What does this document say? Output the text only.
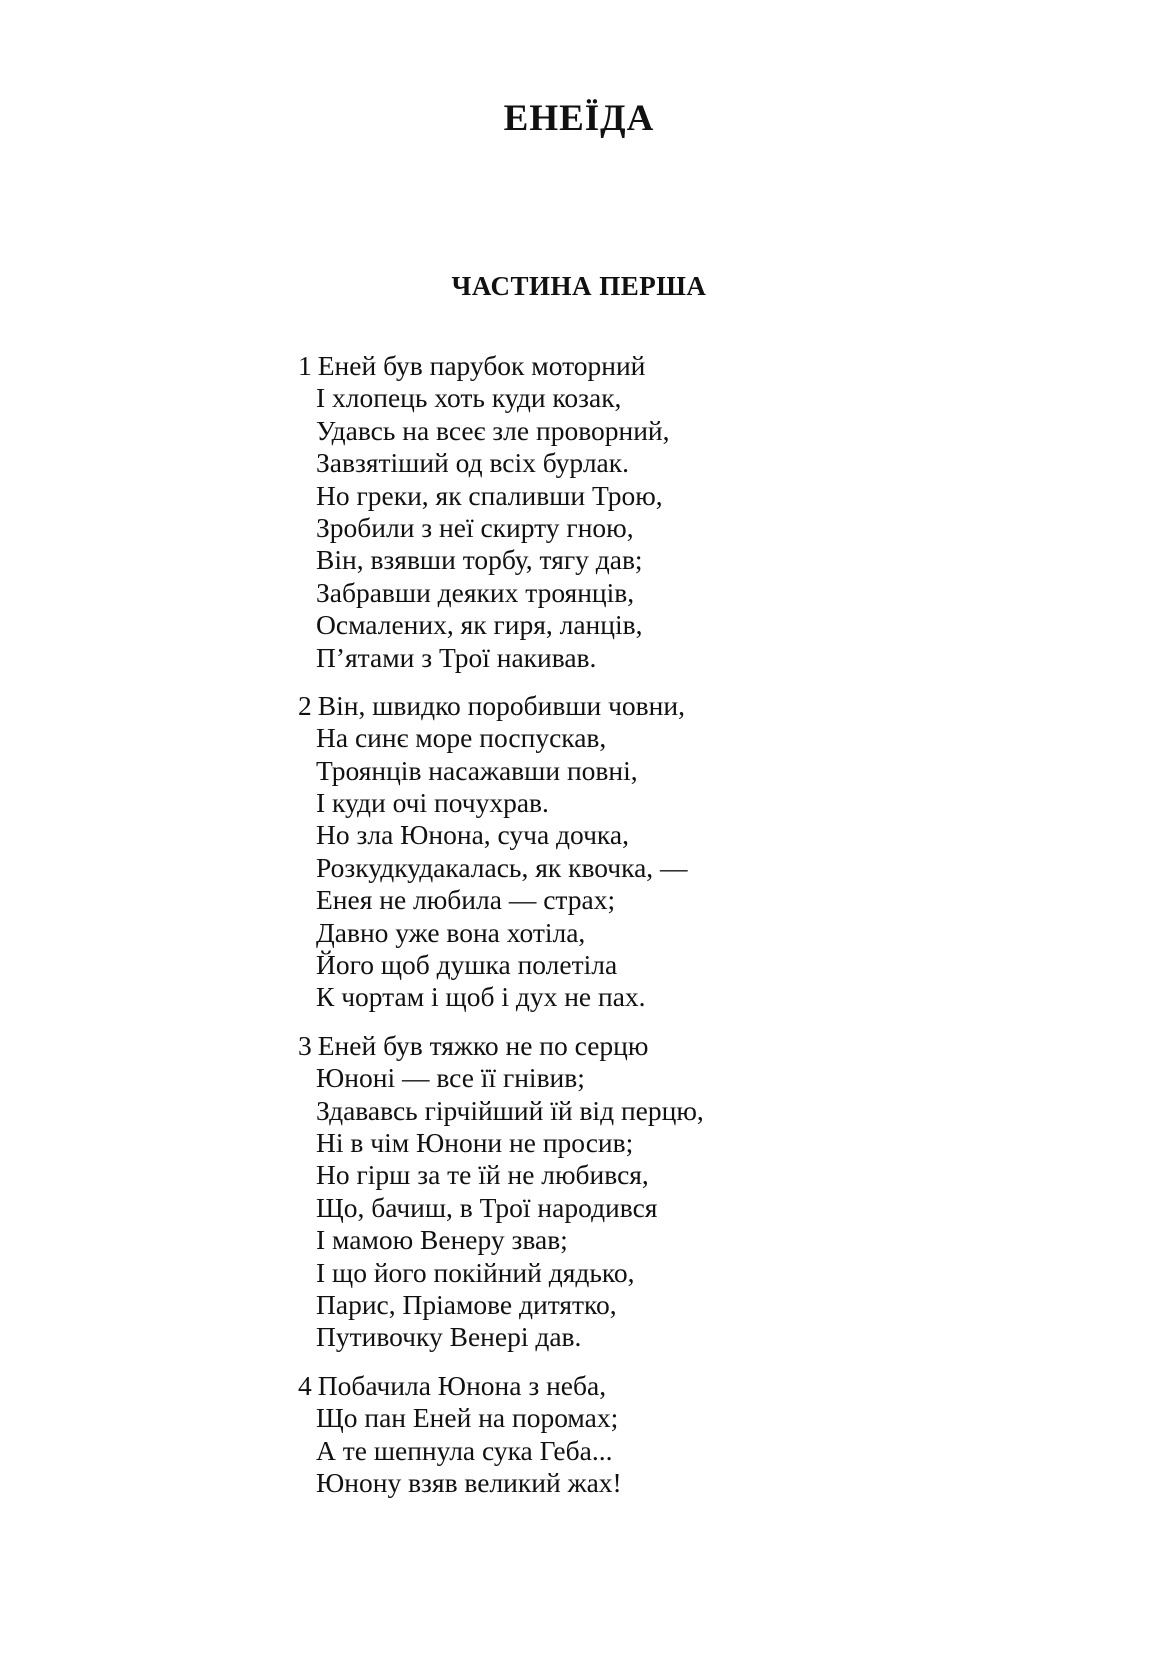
ЕНЕЇДА
ЧАСТИНА ПЕРША
1 Еней був парубок моторний
І хлопець хоть куди козак,
Удавсь на всеє зле проворний,
Завзятіший од всіх бурлак.
Но греки, як спаливши Трою,
Зробили з неї скирту гною,
Він, взявши торбу, тягу дав;
Забравши деяких троянців,
Осмалених, як гиря, ланців,
П’ятами з Трої накивав.
2 Він, швидко поробивши човни,
На синє море поспускав,
Троянців насажавши повні,
І куди очі почухрав.
Но зла Юнона, суча дочка,
Розкудкудакалась, як квочка, —
Енея не любила — страх;
Давно уже вона хотіла,
Його щоб душка полетіла
К чортам і щоб і дух не пах.
3 Еней був тяжко не по серцю
Юноні — все її гнівив;
Здававсь гірчійший їй від перцю,
Ні в чім Юнони не просив;
Но гірш за те їй не любився,
Що, бачиш, в Трої народився
І мамою Венеру звав;
І що його покійний дядько,
Парис, Пріамове дитятко,
Путивочку Венері дав.
4 Побачила Юнона з неба,
Що пан Еней на поромах;
А те шепнула сука Геба...
Юнону взяв великий жах!
